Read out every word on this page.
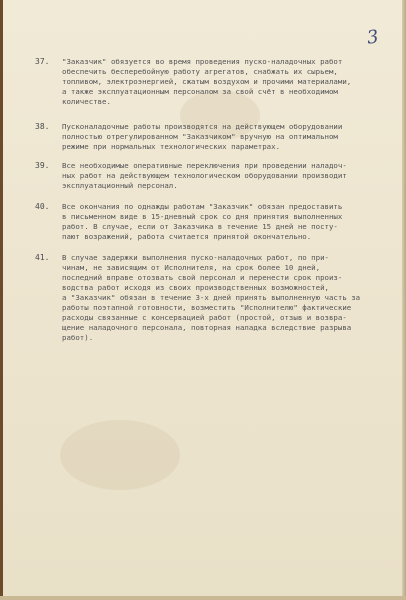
3
37.	"Заказчик" обязуется во время проведения пуско-наладочных работ
обеспечить бесперебойную работу агрегатов, снабжать их сырьем,
топливом, электроэнергией, сжатым воздухом и прочими материалами,
а также эксплуатационным персоналом за свой счёт в необходимом
количестве.
38.	Пусконаладочные работы производятся на действующем оборудовании
полностью отрегулированном "Заказчиком" вручную на оптимальном
режиме при нормальных технологических параметрах.
39.	Все необходимые оперативные переключения при проведении наладоч-
ных работ на действующем технологическом оборудовании производит
эксплуатационный персонал.
40.	Все окончания по однажды работам "Заказчик" обязан предоставить
в письменном виде в 15-дневный срок со дня принятия выполненных
работ. В случае, если от Заказчика в течение 15 дней не посту-
пают возражений, работа считается принятой окончательно.
41.	В случае задержки выполнения пуско-наладочных работ, по при-
чинам, не зависящим от Исполнителя, на срок более 10 дней,
последний вправе отозвать свой персонал и перенести срок произ-
водства работ исходя из своих производственных возможностей,
а "Заказчик" обязан в течение 3-х дней принять выполненную часть за
работы поэтапной готовности, возместить "Исполнителю" фактические
расходы связанные с консервацией работ (простой, отзыв и возвра-
щение наладочного персонала, повторная наладка вследствие разрыва
работ).
